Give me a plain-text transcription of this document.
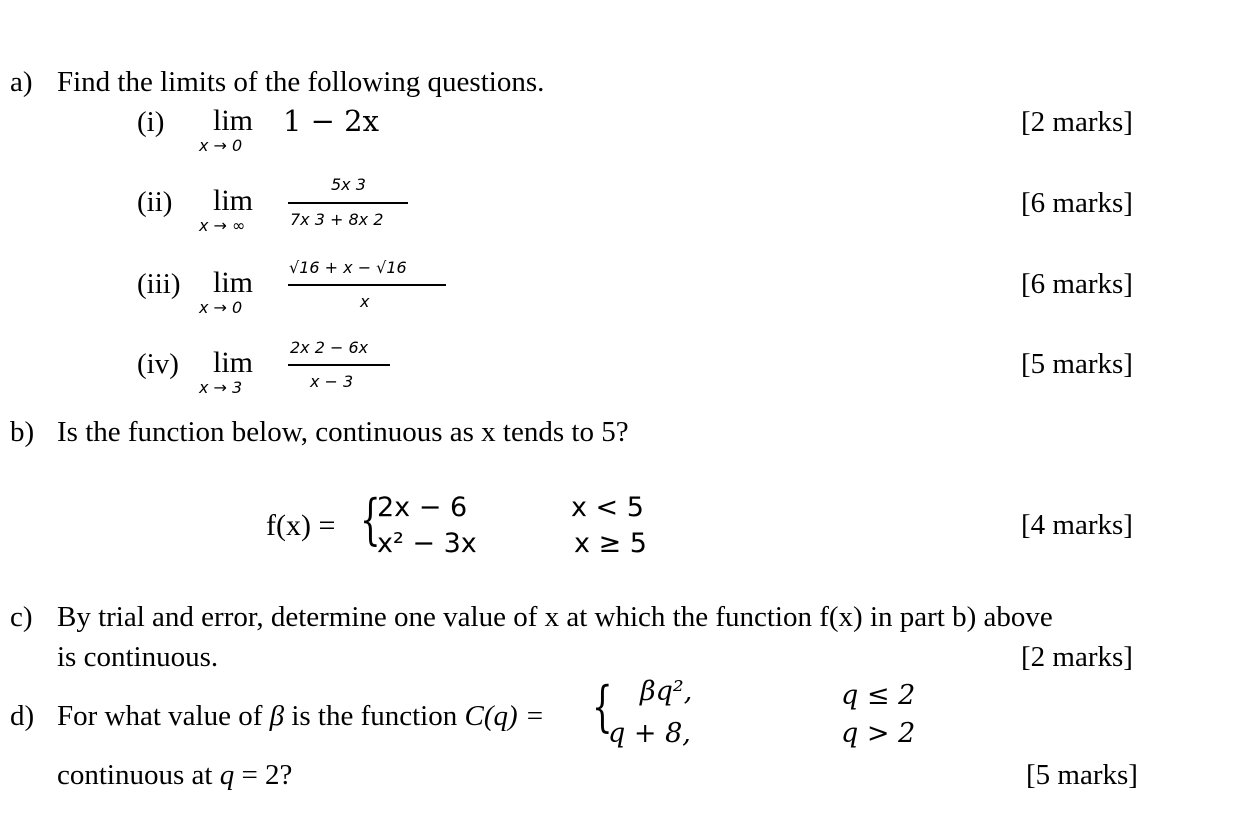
a) Find the limits of the following questions.
(i) lim
x → 0
1 − 2x	[2 marks]
(ii) lim
x → ∞
5x 3
7x 3 + 8x 2
[6 marks]
(iii) lim
x → 0
√16 + x − √16
x
[6 marks]
(iv) lim
x → 3
2x 2 − 6x
x − 3
[5 marks]
b) Is the function below, continuous as x tends to 5?
f(x) = {
2x − 6
x² − 3x
x < 5
x ≥ 5
[4 marks]
c) By trial and error, determine one value of x at which the function f(x) in part b) above
is continuous.	[2 marks]
d) For what value of β is the function C(q) = { βq²,
q + 8,
q ≤ 2
q > 2
continuous at q = 2?	[5 marks]
